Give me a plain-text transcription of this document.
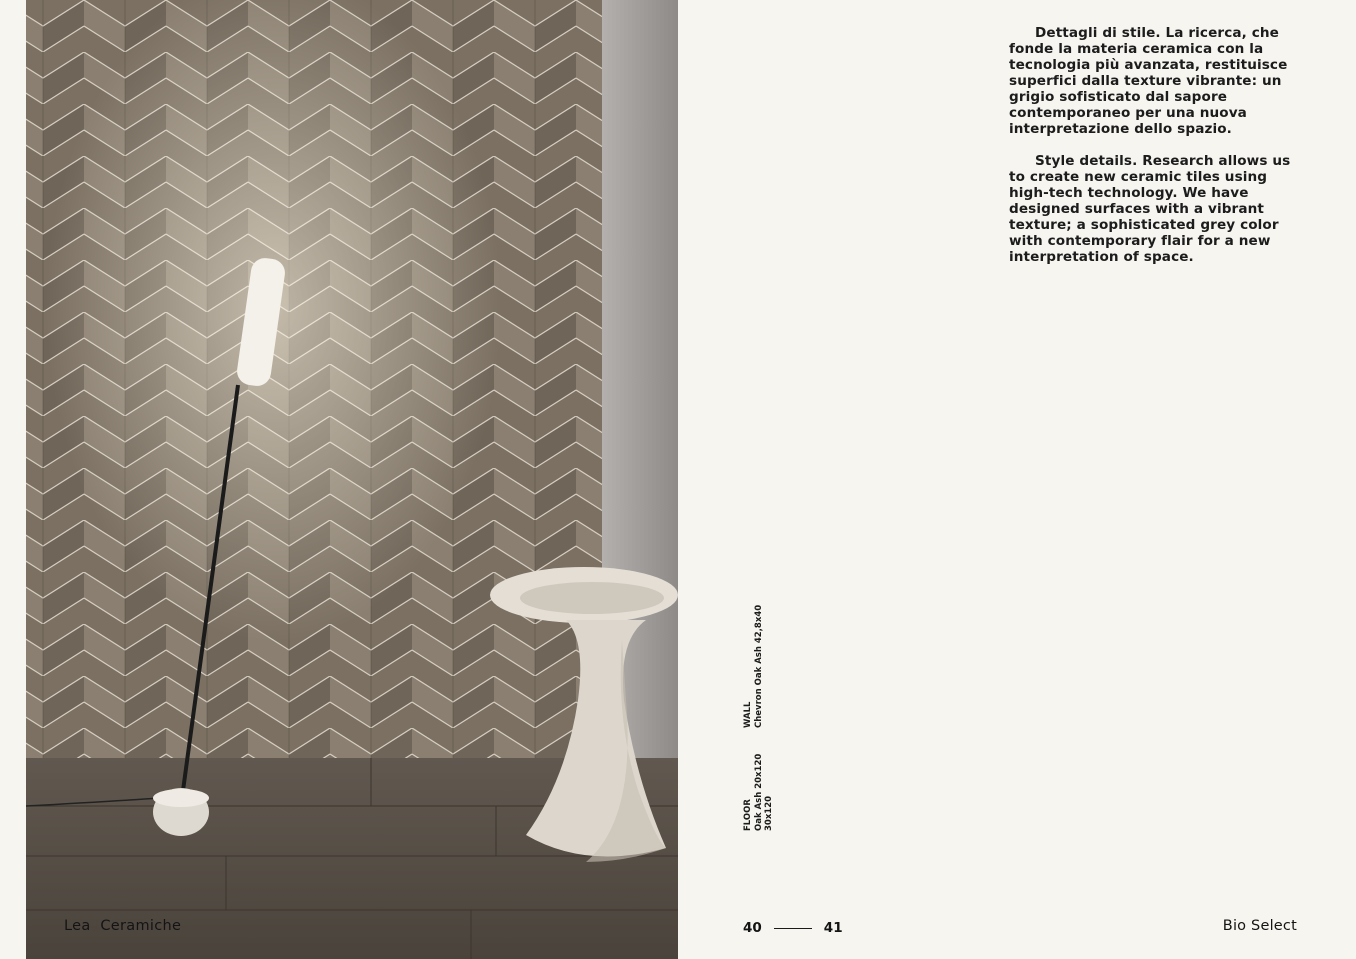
Lea  Ceramiche

Dettagli di stile. La ricerca, che fonde la materia ceramica con la tecnologia più avanzata, restituisce superfici dalla texture vibrante: un grigio sofisticato dal sapore contemporaneo per una nuova interpretazione dello spazio.

Style details. Research allows us to create new ceramic tiles using high-tech technology. We have designed surfaces with a vibrant texture; a sophisticated grey color with contemporary flair for a new interpretation of space.

WALL Chevron Oak Ash 42,8x40
FLOOR Oak Ash 20x120 30x120
40	41	Bio Select
